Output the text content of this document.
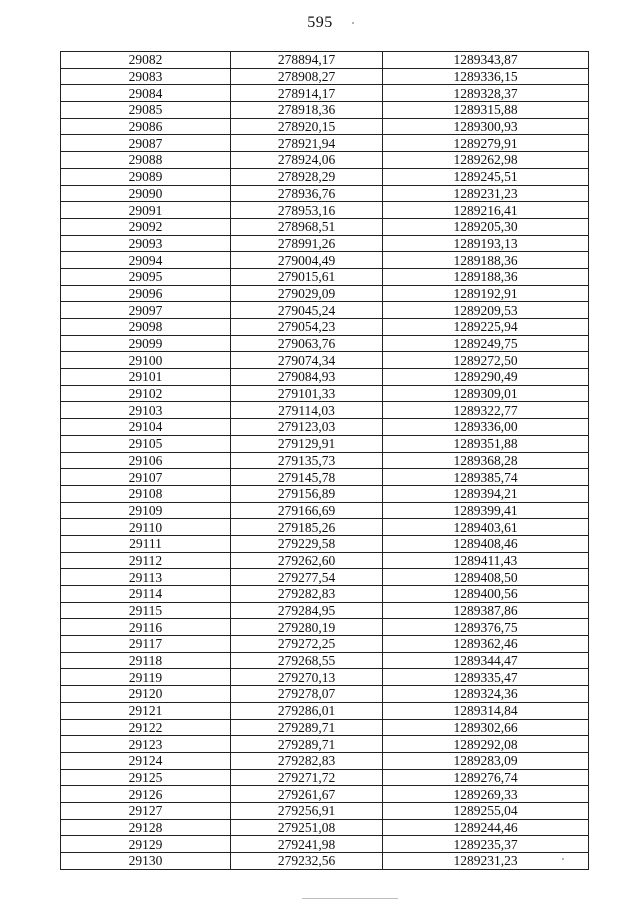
595
29082	278894,17	1289343,87
29083	278908,27	1289336,15
29084	278914,17	1289328,37
29085	278918,36	1289315,88
29086	278920,15	1289300,93
29087	278921,94	1289279,91
29088	278924,06	1289262,98
29089	278928,29	1289245,51
29090	278936,76	1289231,23
29091	278953,16	1289216,41
29092	278968,51	1289205,30
29093	278991,26	1289193,13
29094	279004,49	1289188,36
29095	279015,61	1289188,36
29096	279029,09	1289192,91
29097	279045,24	1289209,53
29098	279054,23	1289225,94
29099	279063,76	1289249,75
29100	279074,34	1289272,50
29101	279084,93	1289290,49
29102	279101,33	1289309,01
29103	279114,03	1289322,77
29104	279123,03	1289336,00
29105	279129,91	1289351,88
29106	279135,73	1289368,28
29107	279145,78	1289385,74
29108	279156,89	1289394,21
29109	279166,69	1289399,41
29110	279185,26	1289403,61
29111	279229,58	1289408,46
29112	279262,60	1289411,43
29113	279277,54	1289408,50
29114	279282,83	1289400,56
29115	279284,95	1289387,86
29116	279280,19	1289376,75
29117	279272,25	1289362,46
29118	279268,55	1289344,47
29119	279270,13	1289335,47
29120	279278,07	1289324,36
29121	279286,01	1289314,84
29122	279289,71	1289302,66
29123	279289,71	1289292,08
29124	279282,83	1289283,09
29125	279271,72	1289276,74
29126	279261,67	1289269,33
29127	279256,91	1289255,04
29128	279251,08	1289244,46
29129	279241,98	1289235,37
29130	279232,56	1289231,23
